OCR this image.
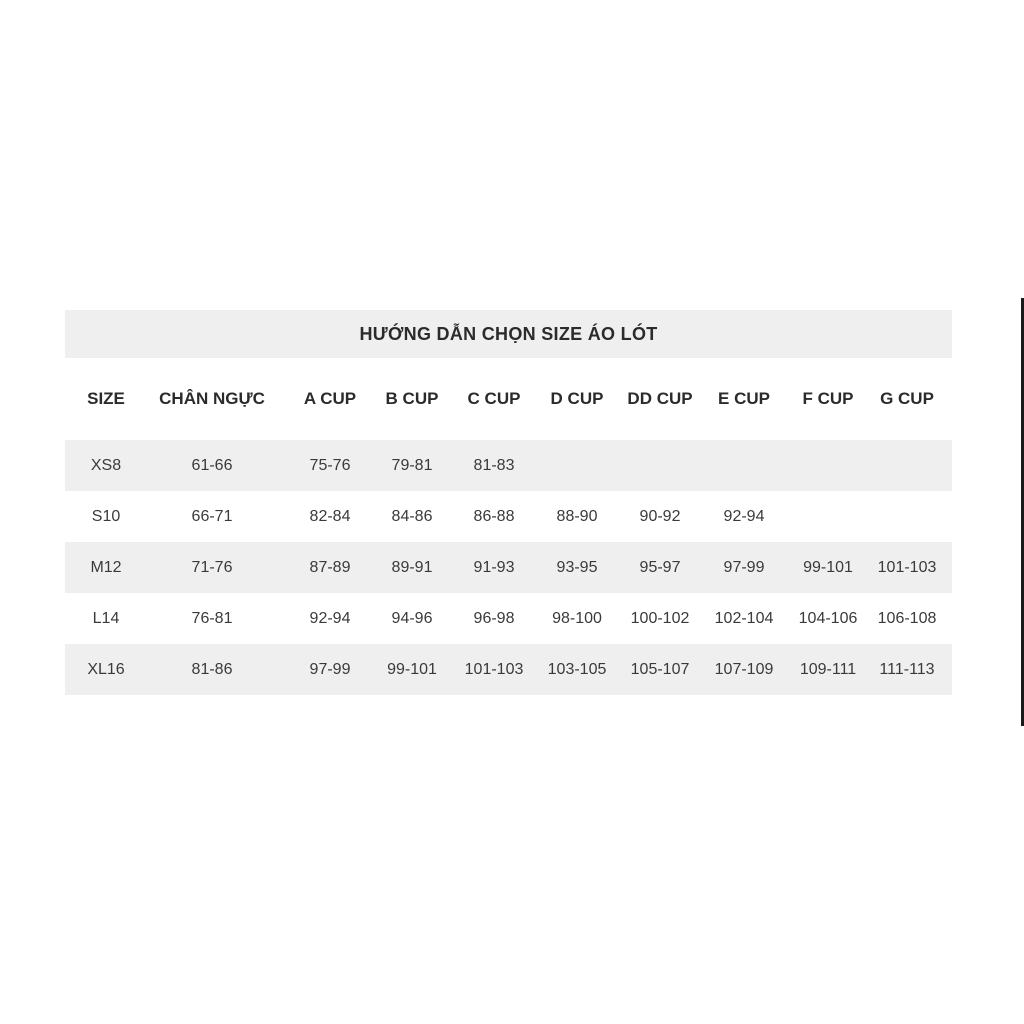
HƯỚNG DẪN CHỌN SIZE ÁO LÓT
SIZE CHÂN NGỰC A CUP B CUP C CUP D CUP DD CUP E CUP F CUP G CUP
XS8	61-66	75-76	79-81	81-83
S10	66-71	82-84	84-86	86-88	88-90	90-92	92-94
M12	71-76	87-89	89-91	91-93	93-95	95-97	97-99 99-101 101-103
L14	76-81	92-94	94-96	96-98 98-100 100-102 102-104 104-106 106-108
XL16	81-86	97-99 99-101 101-103 103-105 105-107 107-109 109-111 111-113
